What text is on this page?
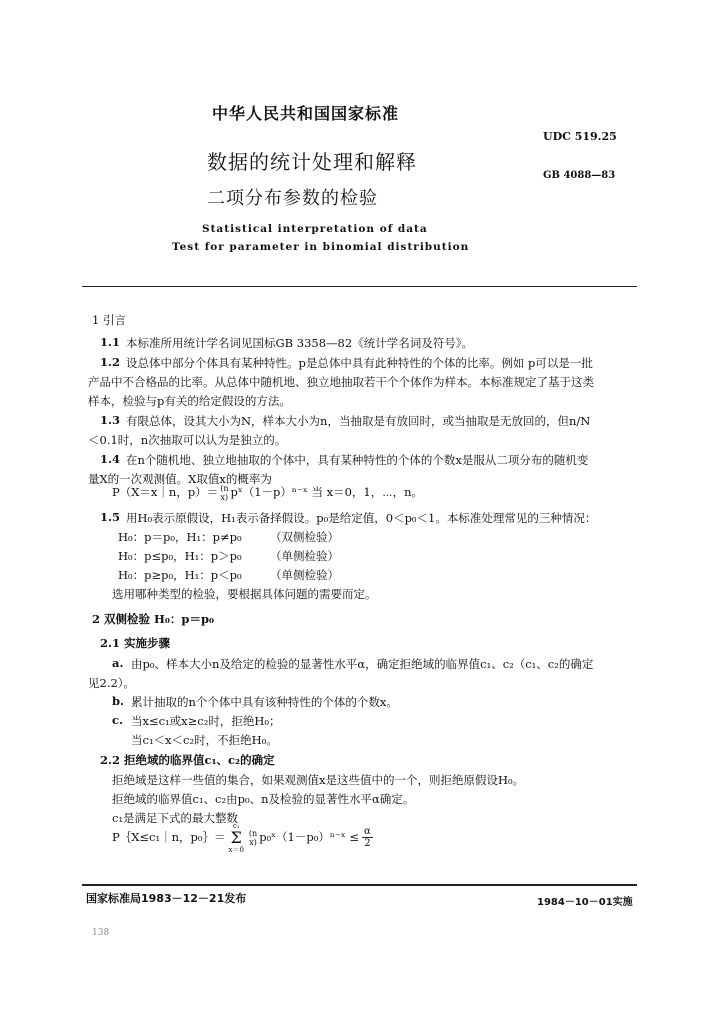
中华人民共和国国家标准
UDC 519.25
数据的统计处理和解释
GB 4088—83
二项分布参数的检验
Statistical interpretation of data
Test for parameter in binomial distribution
1 引言
1.1 本标准所用统计学名词见国标GB 3358—82《统计学名词及符号》。
1.2 设总体中部分个体具有某种特性。p是总体中具有此种特性的个体的比率。例如 p可以是一批
产品中不合格品的比率。从总体中随机地、独立地抽取若干个个体作为样本。本标准规定了基于这类
样本，检验与p有关的给定假设的方法。
1.3 有限总体，设其大小为N，样本大小为n，当抽取是有放回时，或当抽取是无放回的，但n/N
＜0.1时，n次抽取可以认为是独立的。
1.4 在n个随机地、独立地抽取的个体中，具有某种特性的个体的个数x是服从二项分布的随机变
量X的一次观测值。X取值x的概率为
P（X＝x｜n，p）＝ (n
x) pˣ（1－p）ⁿ⁻ˣ 当 x＝0，1，⋯，n。
1.5 用H₀表示原假设，H₁表示备择假设。p₀是给定值，0＜p₀＜1。本标准处理常见的三种情况：
H₀：p＝p₀，H₁：p≠p₀ （双侧检验）
H₀：p≤p₀，H₁：p＞p₀ （单侧检验）
H₀：p≥p₀，H₁：p＜p₀ （单侧检验）
选用哪种类型的检验，要根据具体问题的需要而定。
2 双侧检验 H₀：p＝p₀
2.1 实施步骤
a. 由p₀、样本大小n及给定的检验的显著性水平α，确定拒绝域的临界值c₁、c₂（c₁、c₂的确定
见2.2）。
b. 累计抽取的n个个体中具有该种特性的个体的个数x。
c. 当x≤c₁或x≥c₂时，拒绝H₀；
当c₁＜x＜c₂时，不拒绝H₀。
2.2 拒绝域的临界值c₁、c₂的确定
拒绝域是这样一些值的集合，如果观测值x是这些值中的一个，则拒绝原假设H₀。
拒绝域的临界值c₁、c₂由p₀、n及检验的显著性水平α确定。
c₁是满足下式的最大整数
P｛X≤c₁｜n，p₀｝＝c₁
Σ
x＝0(n
x) p₀ˣ（1－p₀）ⁿ⁻ˣ ≤ $\frac{\alpha}{2}$
国家标准局1983－12－21发布	1984－10－01实施
138
